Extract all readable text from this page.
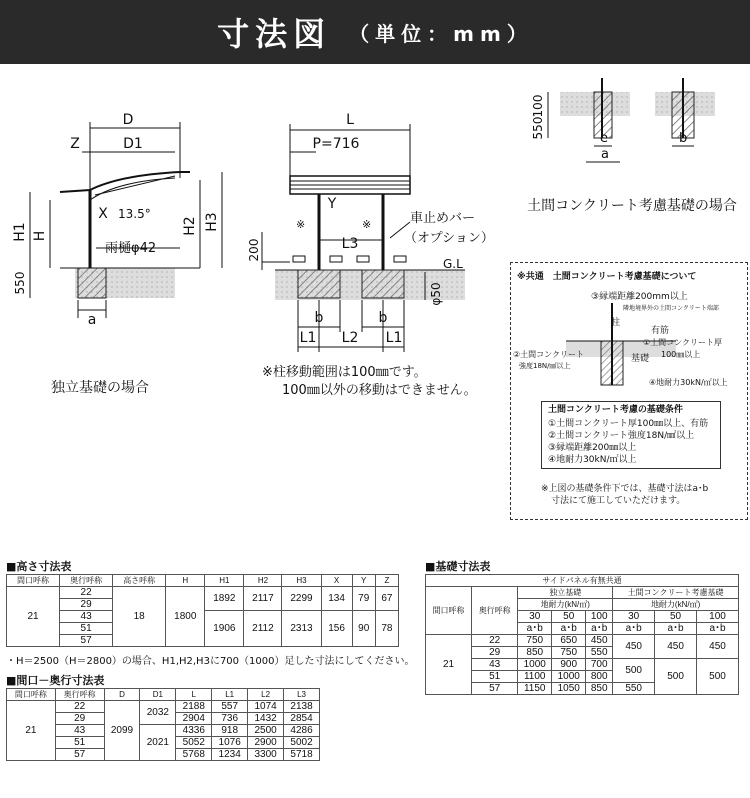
寸法図 （単位：mm）
D
D1
Z
X 13.5°
H1 H
H2 H3
雨樋φ42
550
a
独立基礎の場合
L
P=716
Y
※	※
L3
車止めバー
（オプション）
200
G.L
φ50
b	b
L1 L2 L1
※柱移動範囲は100㎜です。
100㎜以外の移動はできません。
100
550	e
a
b
土間コンクリート考慮基礎の場合
※共通　土間コンクリート考慮基礎について
③縁端距離200mm以上
隣地境界外の土間コンクリート端部
柱
有筋
①土間コンクリート厚
100㎜以上
②土間コンクリート
強度18N/㎟以上
基礎
④地耐力30kN/㎡以上
土間コンクリート考慮の基礎条件
①土間コンクリート厚100㎜以上、有筋
②土間コンクリート強度18N/㎟以上
③縁端距離200㎜以上
④地耐力30kN/㎡以上
※上図の基礎条件下では、基礎寸法はa･b
寸法にて施工していただけます。
■高さ寸法表
間口呼称	奥行呼称	高さ呼称	H	H1	H2	H3	X	Y	Z
21	22	18	1800	1892	2117	2299	134	79	67
	29								
	43			1906	2112	2313	156	90	78
	51								
	57								
・H＝2500（H＝2800）の場合、H1,H2,H3に700（1000）足した寸法にしてください。
■間口－奥行寸法表
間口呼称	奥行呼称	D	D1	L	L1	L2	L3
21	22	2099	2032	2188	557	1074	2138
	29			2904	736	1432	2854
	43		2021	4336	918	2500	4286
	51			5052	1076	2900	5002
	57			5768	1234	3300	5718
■基礎寸法表
サイドパネル有無共通							
間口呼称	奥行呼称	独立基礎			土間コンクリート考慮基礎		
		地耐力(kN/㎡)			地耐力(kN/㎡)		
		30	50	100	30	50	100
		a･b	a･b	a･b	a･b	a･b	a･b
21	22	750	650	450	450	450	450
	29	850	750	550			
	43	1000	900	700	500	500	500
	51	1100	1000	800			
	57	1150	1050	850	550		
